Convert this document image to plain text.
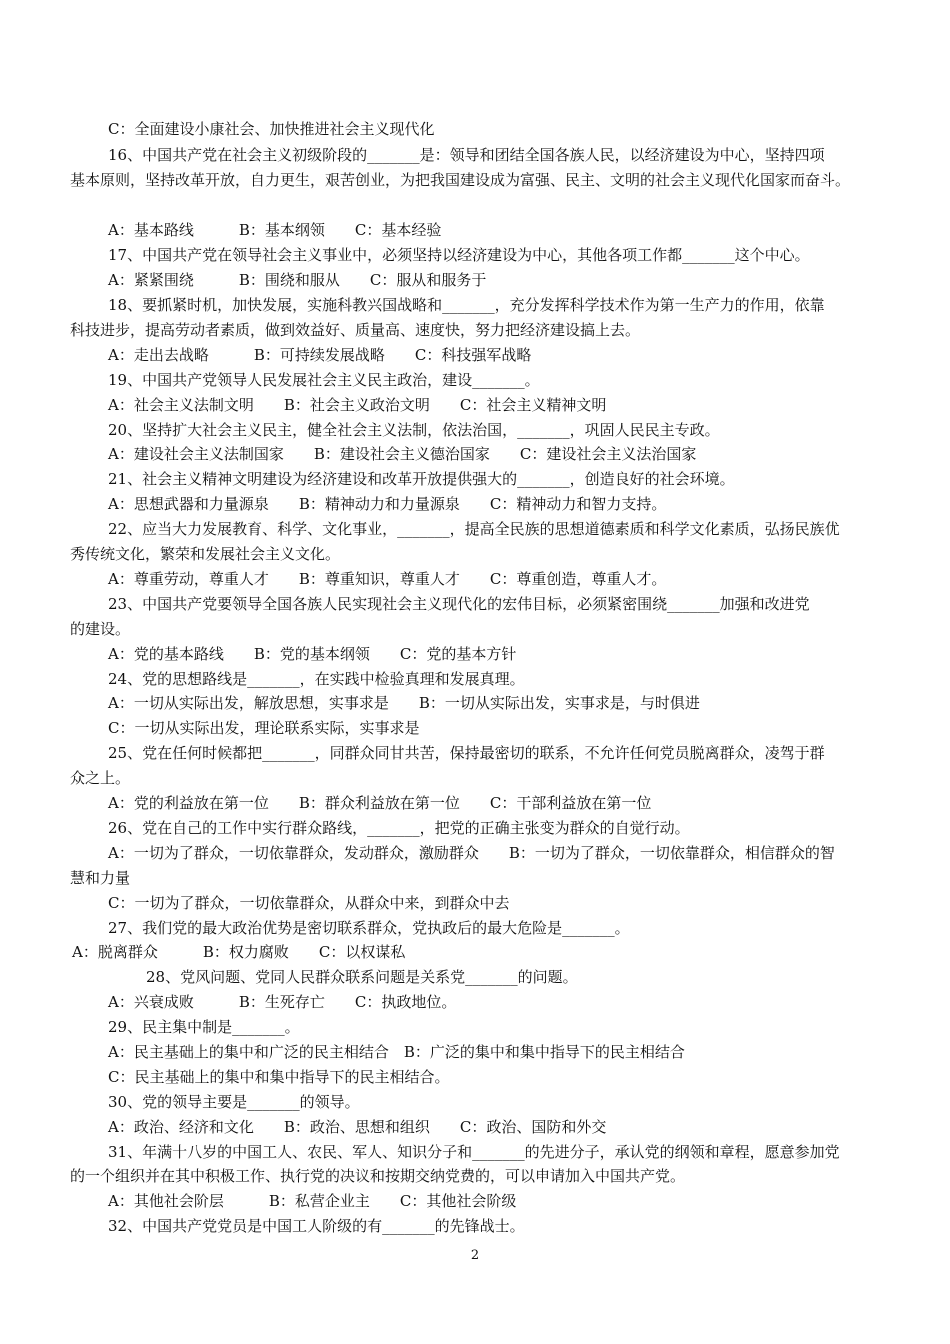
C：全面建设小康社会、加快推进社会主义现代化
16、中国共产党在社会主义初级阶段的_______是：领导和团结全国各族人民，以经济建设为中心，坚持四项
基本原则，坚持改革开放，自力更生，艰苦创业，为把我国建设成为富强、民主、文明的社会主义现代化国家而奋斗。
A：基本路线　　　B：基本纲领　　C：基本经验
17、中国共产党在领导社会主义事业中，必须坚持以经济建设为中心，其他各项工作都_______这个中心。
A：紧紧围绕　　　B：围绕和服从　　C：服从和服务于
18、要抓紧时机，加快发展，实施科教兴国战略和_______，充分发挥科学技术作为第一生产力的作用，依靠
科技进步，提高劳动者素质，做到效益好、质量高、速度快，努力把经济建设搞上去。
A：走出去战略　　　B：可持续发展战略　　C：科技强军战略
19、中国共产党领导人民发展社会主义民主政治，建设_______。
A：社会主义法制文明　　B：社会主义政治文明　　C：社会主义精神文明
20、坚持扩大社会主义民主，健全社会主义法制，依法治国，_______，巩固人民民主专政。
A：建设社会主义法制国家　　B：建设社会主义德治国家　　C：建设社会主义法治国家
21、社会主义精神文明建设为经济建设和改革开放提供强大的_______，创造良好的社会环境。
A：思想武器和力量源泉　　B：精神动力和力量源泉　　C：精神动力和智力支持。
22、应当大力发展教育、科学、文化事业，_______，提高全民族的思想道德素质和科学文化素质，弘扬民族优
秀传统文化，繁荣和发展社会主义文化。
A：尊重劳动，尊重人才　　B：尊重知识，尊重人才　　C：尊重创造，尊重人才。
23、中国共产党要领导全国各族人民实现社会主义现代化的宏伟目标，必须紧密围绕_______加强和改进党
的建设。
A：党的基本路线　　B：党的基本纲领　　C：党的基本方针
24、党的思想路线是_______，在实践中检验真理和发展真理。
A：一切从实际出发，解放思想，实事求是　　B：一切从实际出发，实事求是，与时俱进
C：一切从实际出发，理论联系实际，实事求是
25、党在任何时候都把_______，同群众同甘共苦，保持最密切的联系，不允许任何党员脱离群众，凌驾于群
众之上。
A：党的利益放在第一位　　B：群众利益放在第一位　　C：干部利益放在第一位
26、党在自己的工作中实行群众路线，_______，把党的正确主张变为群众的自觉行动。
A：一切为了群众，一切依靠群众，发动群众，激励群众　　B：一切为了群众，一切依靠群众，相信群众的智
慧和力量
C：一切为了群众，一切依靠群众，从群众中来，到群众中去
27、我们党的最大政治优势是密切联系群众，党执政后的最大危险是_______。
A：脱离群众　　　B：权力腐败　　C：以权谋私
28、党风问题、党同人民群众联系问题是关系党_______的问题。
A：兴衰成败　　　B：生死存亡　　C：执政地位。
29、民主集中制是_______。
A：民主基础上的集中和广泛的民主相结合　B：广泛的集中和集中指导下的民主相结合
C：民主基础上的集中和集中指导下的民主相结合。
30、党的领导主要是_______的领导。
A：政治、经济和文化　　B：政治、思想和组织　　C：政治、国防和外交
31、年满十八岁的中国工人、农民、军人、知识分子和_______的先进分子，承认党的纲领和章程，愿意参加党
的一个组织并在其中积极工作、执行党的决议和按期交纳党费的，可以申请加入中国共产党。
A：其他社会阶层　　　B：私营企业主　　C：其他社会阶级
32、中国共产党党员是中国工人阶级的有_______的先锋战士。
2
